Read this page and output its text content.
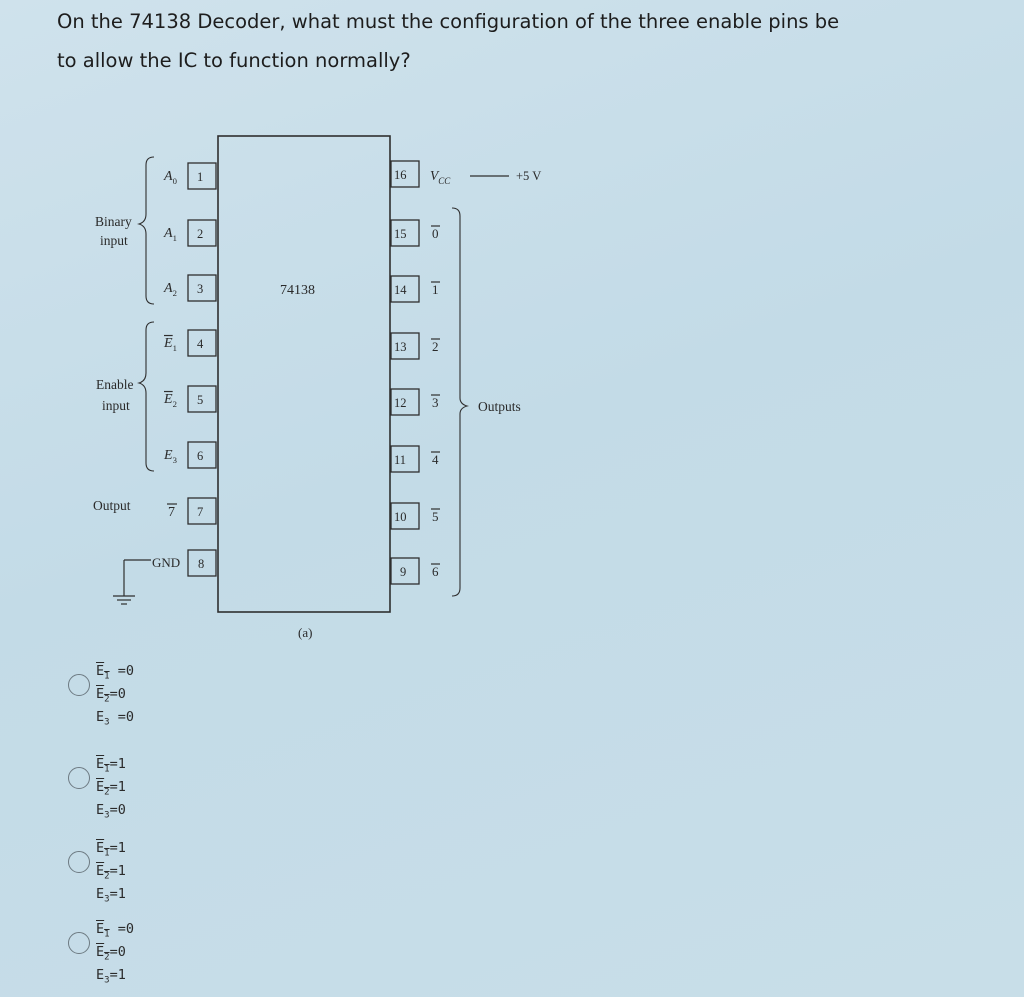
On the 74138 Decoder, what must the configuration of the three enable pins be to allow the IC to function normally?
74138
1
$A_0$
2
$A_1$
3
$A_2$
4
$E_1$
5
$E_2$
6
$E_3$
7
7
8
GND
16 $V_{CC}$	+5 V
15 0
14 1
13 2
12 3
11 4
10 5
9 6
Binary
input
Enable
input
Output
Outputs
(a)
$E_1 =0$
$E_2=0$
$E_3 =0$
$E_1=1$
$E_2=1$
$E_3=0$
$E_1=1$
$E_2=1$
$E_3=1$
$E_1 =0$
$E_2=0$
$E_3=1$
